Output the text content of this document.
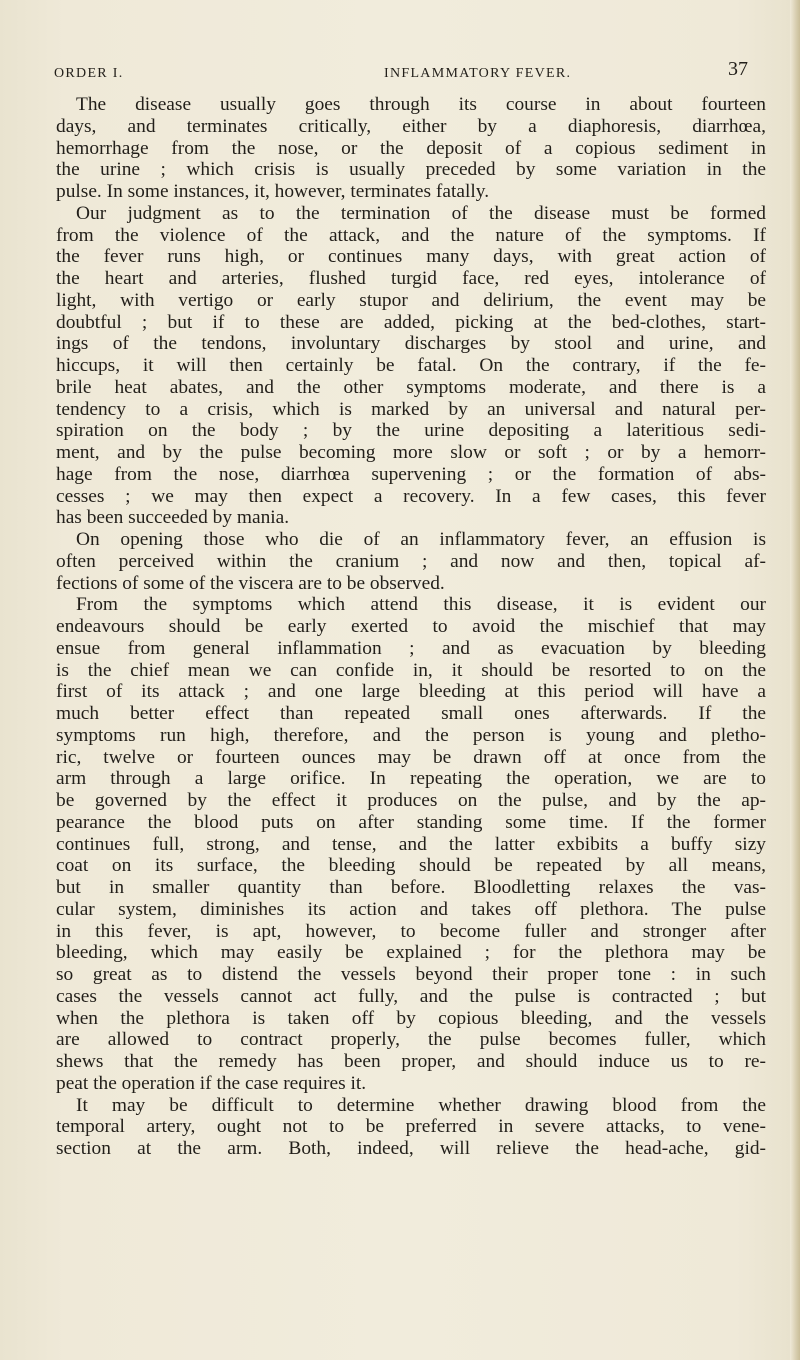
ORDER I.	INFLAMMATORY FEVER.	37
The disease usually goes through its course in about fourteen
days, and terminates critically, either by a diaphoresis, diarrhœa,
hemorrhage from the nose, or the deposit of a copious sediment in
the urine ; which crisis is usually preceded by some variation in the
pulse. In some instances, it, however, terminates fatally.
Our judgment as to the termination of the disease must be formed
from the violence of the attack, and the nature of the symptoms. If
the fever runs high, or continues many days, with great action of
the heart and arteries, flushed turgid face, red eyes, intolerance of
light, with vertigo or early stupor and delirium, the event may be
doubtful ; but if to these are added, picking at the bed-clothes, start-
ings of the tendons, involuntary discharges by stool and urine, and
hiccups, it will then certainly be fatal. On the contrary, if the fe-
brile heat abates, and the other symptoms moderate, and there is a
tendency to a crisis, which is marked by an universal and natural per-
spiration on the body ; by the urine depositing a lateritious sedi-
ment, and by the pulse becoming more slow or soft ; or by a hemorr-
hage from the nose, diarrhœa supervening ; or the formation of abs-
cesses ; we may then expect a recovery. In a few cases, this fever
has been succeeded by mania.
On opening those who die of an inflammatory fever, an effusion is
often perceived within the cranium ; and now and then, topical af-
fections of some of the viscera are to be observed.
From the symptoms which attend this disease, it is evident our
endeavours should be early exerted to avoid the mischief that may
ensue from general inflammation ; and as evacuation by bleeding
is the chief mean we can confide in, it should be resorted to on the
first of its attack ; and one large bleeding at this period will have a
much better effect than repeated small ones afterwards. If the
symptoms run high, therefore, and the person is young and pletho-
ric, twelve or fourteen ounces may be drawn off at once from the
arm through a large orifice. In repeating the operation, we are to
be governed by the effect it produces on the pulse, and by the ap-
pearance the blood puts on after standing some time. If the former
continues full, strong, and tense, and the latter exbibits a buffy sizy
coat on its surface, the bleeding should be repeated by all means,
but in smaller quantity than before. Bloodletting relaxes the vas-
cular system, diminishes its action and takes off plethora. The pulse
in this fever, is apt, however, to become fuller and stronger after
bleeding, which may easily be explained ; for the plethora may be
so great as to distend the vessels beyond their proper tone : in such
cases the vessels cannot act fully, and the pulse is contracted ; but
when the plethora is taken off by copious bleeding, and the vessels
are allowed to contract properly, the pulse becomes fuller, which
shews that the remedy has been proper, and should induce us to re-
peat the operation if the case requires it.
It may be difficult to determine whether drawing blood from the
temporal artery, ought not to be preferred in severe attacks, to vene-
section at the arm. Both, indeed, will relieve the head-ache, gid-
